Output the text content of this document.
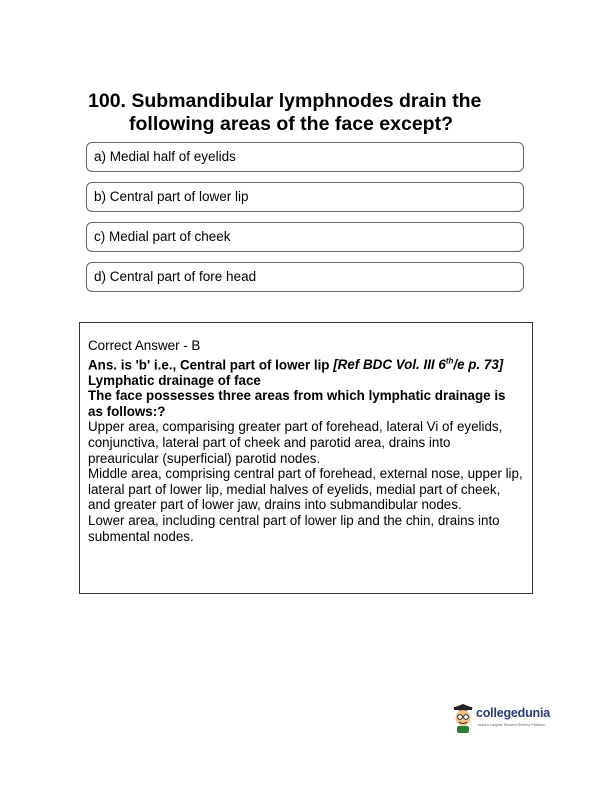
100. Submandibular lymphnodes drain the
following areas of the face except?
a) Medial half of eyelids
b) Central part of lower lip
c) Medial part of cheek
d) Central part of fore head

Correct Answer - B

Ans. is 'b' i.e., Central part of lower lip [Ref BDC Vol. III 6th/e p. 73] Lymphatic drainage of face

The face possesses three areas from which lymphatic drainage is as follows:?

Upper area, comparising greater part of forehead, lateral Vi of eyelids, conjunctiva, lateral part of cheek and parotid area, drains into preauricular (superficial) parotid nodes.

Middle area, comprising central part of forehead, external nose, upper lip, lateral part of lower lip, medial halves of eyelids, medial part of cheek, and greater part of lower jaw, drains into submandibular nodes.

Lower area, including central part of lower lip and the chin, drains into submental nodes.

.
.
.
collegedunia
India's Largest Student Review Platform
